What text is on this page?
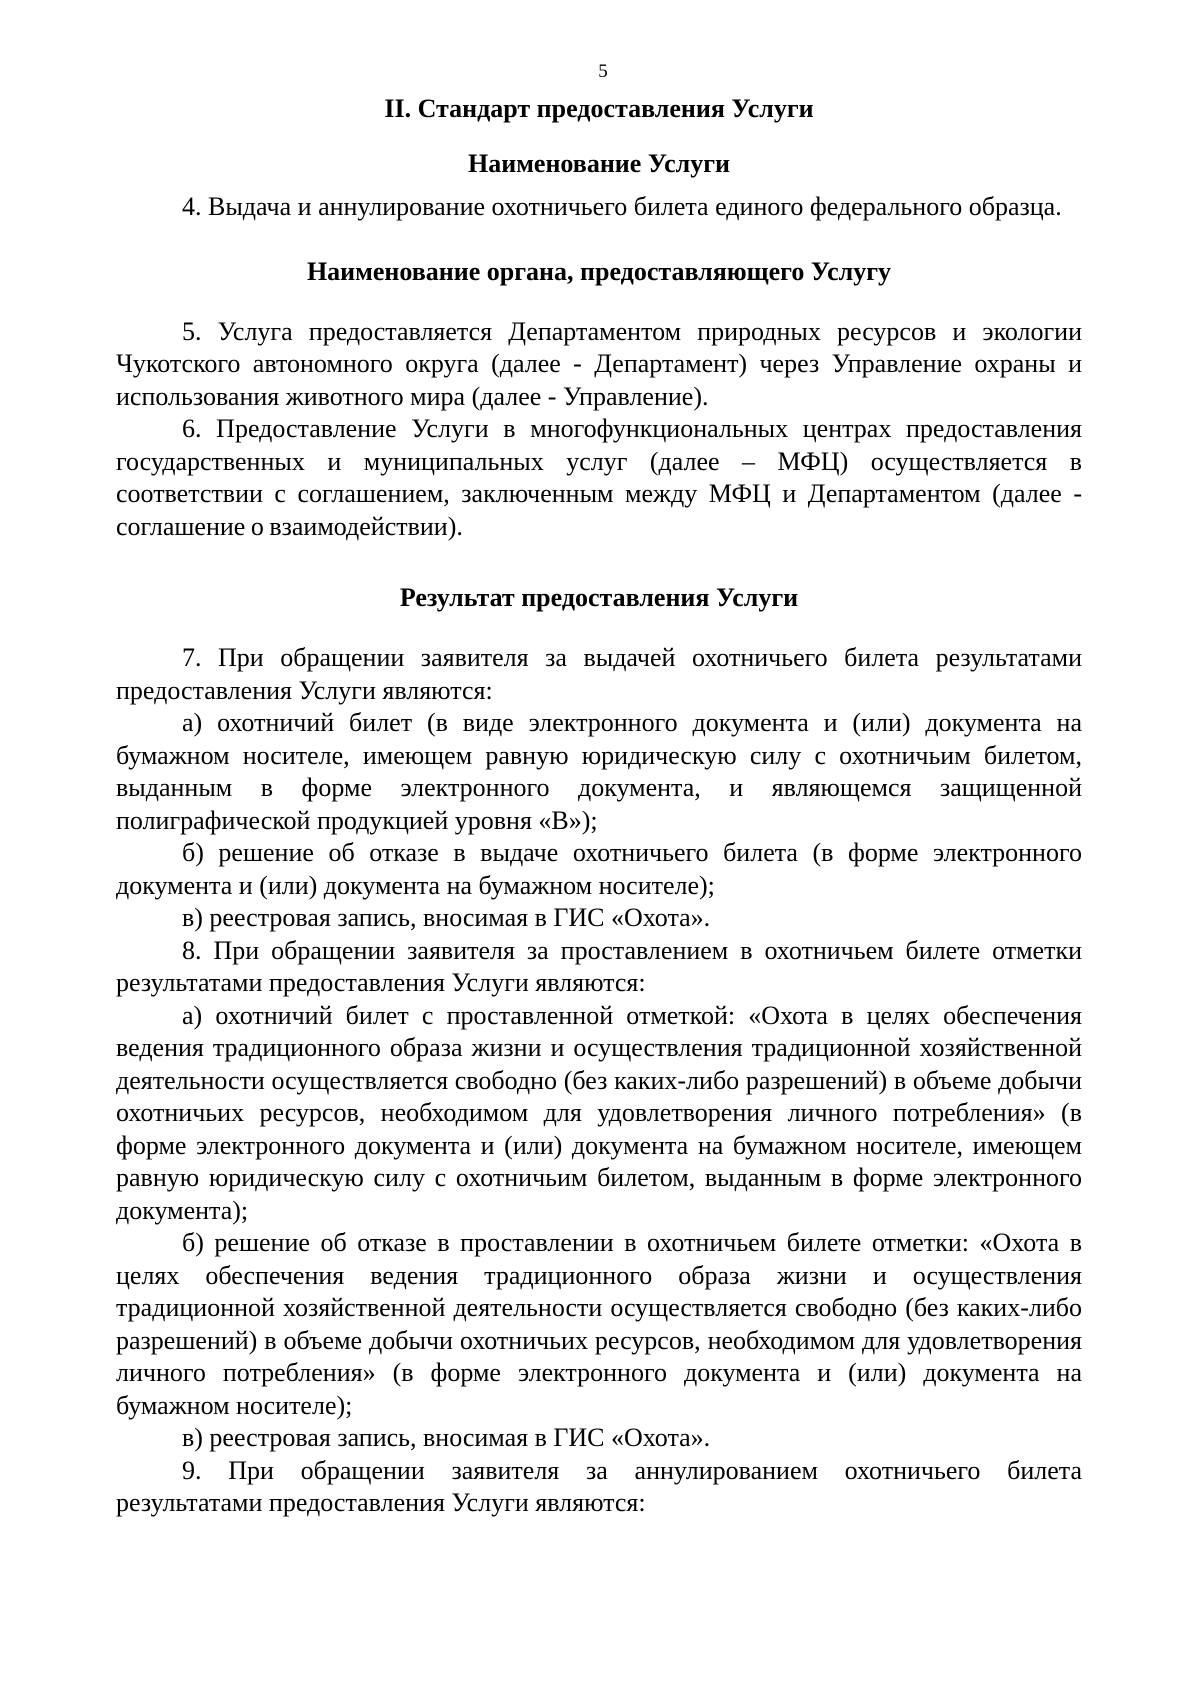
5
II. Стандарт предоставления Услуги
Наименование Услуги

4. Выдача и аннулирование охотничьего билета единого федерального образца.

Наименование органа, предоставляющего Услугу

5. Услуга предоставляется Департаментом природных ресурсов и экологии Чукотского автономного округа (далее - Департамент) через Управление охраны и использования животного мира (далее - Управление).

6. Предоставление Услуги в многофункциональных центрах предоставления государственных и муниципальных услуг (далее – МФЦ) осуществляется в соответствии с соглашением, заключенным между МФЦ и Департаментом (далее - соглашение о взаимодействии).

Результат предоставления Услуги

7. При обращении заявителя за выдачей охотничьего билета результатами предоставления Услуги являются:

а) охотничий билет (в виде электронного документа и (или) документа на бумажном носителе, имеющем равную юридическую силу с охотничьим билетом, выданным в форме электронного документа, и являющемся защищенной полиграфической продукцией уровня «В»);

б) решение об отказе в выдаче охотничьего билета (в форме электронного документа и (или) документа на бумажном носителе);

в) реестровая запись, вносимая в ГИС «Охота».

8. При обращении заявителя за проставлением в охотничьем билете отметки результатами предоставления Услуги являются:

а) охотничий билет с проставленной отметкой: «Охота в целях обеспечения ведения традиционного образа жизни и осуществления традиционной хозяйственной деятельности осуществляется свободно (без каких-либо разрешений) в объеме добычи охотничьих ресурсов, необходимом для удовлетворения личного потребления» (в форме электронного документа и (или) документа на бумажном носителе, имеющем равную юридическую силу с охотничьим билетом, выданным в форме электронного документа);

б) решение об отказе в проставлении в охотничьем билете отметки: «Охота в целях обеспечения ведения традиционного образа жизни и осуществления традиционной хозяйственной деятельности осуществляется свободно (без каких-либо разрешений) в объеме добычи охотничьих ресурсов, необходимом для удовлетворения личного потребления» (в форме электронного документа и (или) документа на бумажном носителе);

в) реестровая запись, вносимая в ГИС «Охота».

9. При обращении заявителя за аннулированием охотничьего билета результатами предоставления Услуги являются:
